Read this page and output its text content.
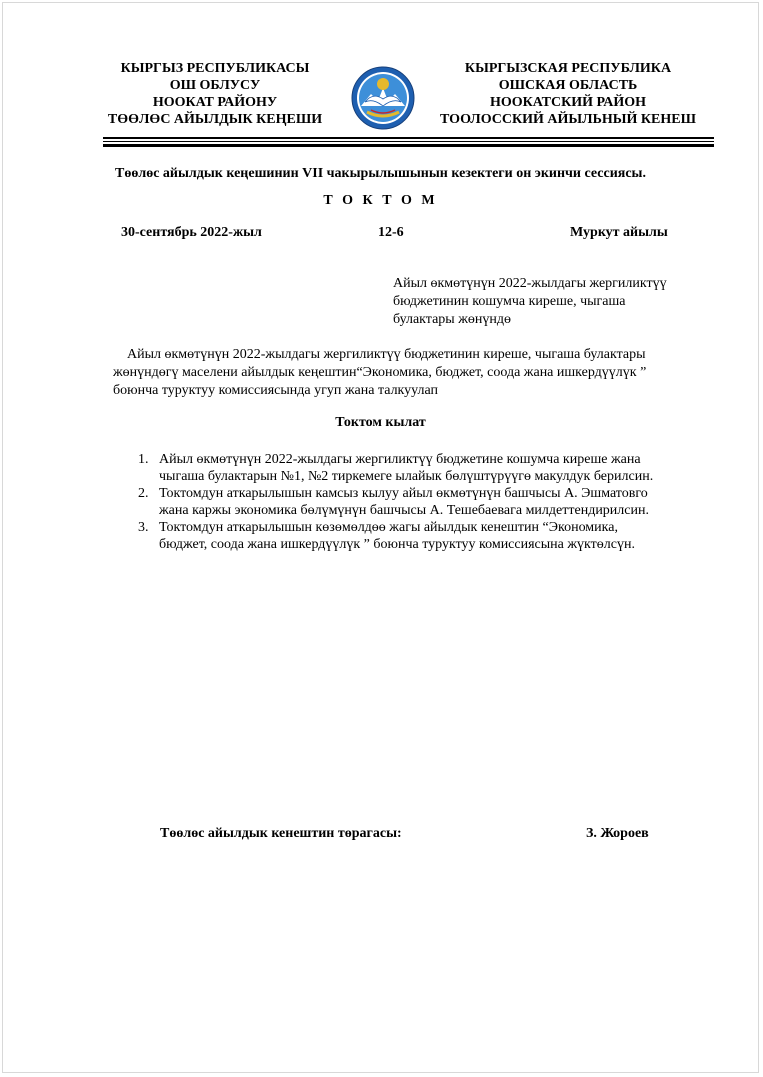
КЫРГЫЗ РЕСПУБЛИКАСЫ
ОШ ОБЛУСУ
НООКАТ РАЙОНУ
ТӨӨЛӨС АЙЫЛДЫК КЕҢЕШИ
КЫРГЫЗСКАЯ РЕСПУБЛИКА
ОШСКАЯ ОБЛАСТЬ
НООКАТСКИЙ РАЙОН
ТООЛОССКИЙ АЙЫЛЬНЫЙ КЕНЕШ
Төөлөс айылдык кеңешинин VII чакырылышынын кезектеги он экинчи сессиясы.
Т О К Т О М
30-сентябрь 2022-жыл	12-6	Муркут айылы
Айыл өкмөтүнүн 2022-жылдагы жергиликтүү
бюджетинин кошумча киреше, чыгаша
булактары жөнүндө
Айыл өкмөтүнүн 2022-жылдагы жергиликтүү бюджетинин киреше, чыгаша булактары
жөнүндөгү маселени айылдык кеңештин“Экономика, бюджет, соода жана ишкердүүлүк ”
боюнча туруктуу комиссиясында угуп жана талкуулап
Токтом кылат
1. Айыл өкмөтүнүн 2022-жылдагы жергиликтүү бюджетине кошумча киреше жана
чыгаша булактарын №1, №2 тиркемеге ылайык бөлүштүрүүгө макулдук берилсин.
2. Токтомдун аткарылышын камсыз кылуу айыл өкмөтүнүн башчысы А. Эшматовго
жана каржы экономика бөлүмүнүн башчысы А. Тешебаевага милдеттендирилсин.
3. Токтомдун аткарылышын көзөмөлдөө жагы айылдык кенештин “Экономика,
бюджет, соода жана ишкердүүлүк ” боюнча туруктуу комиссиясына жүктөлсүн.
Төөлөс айылдык кенештин төрагасы:	З. Жороев
